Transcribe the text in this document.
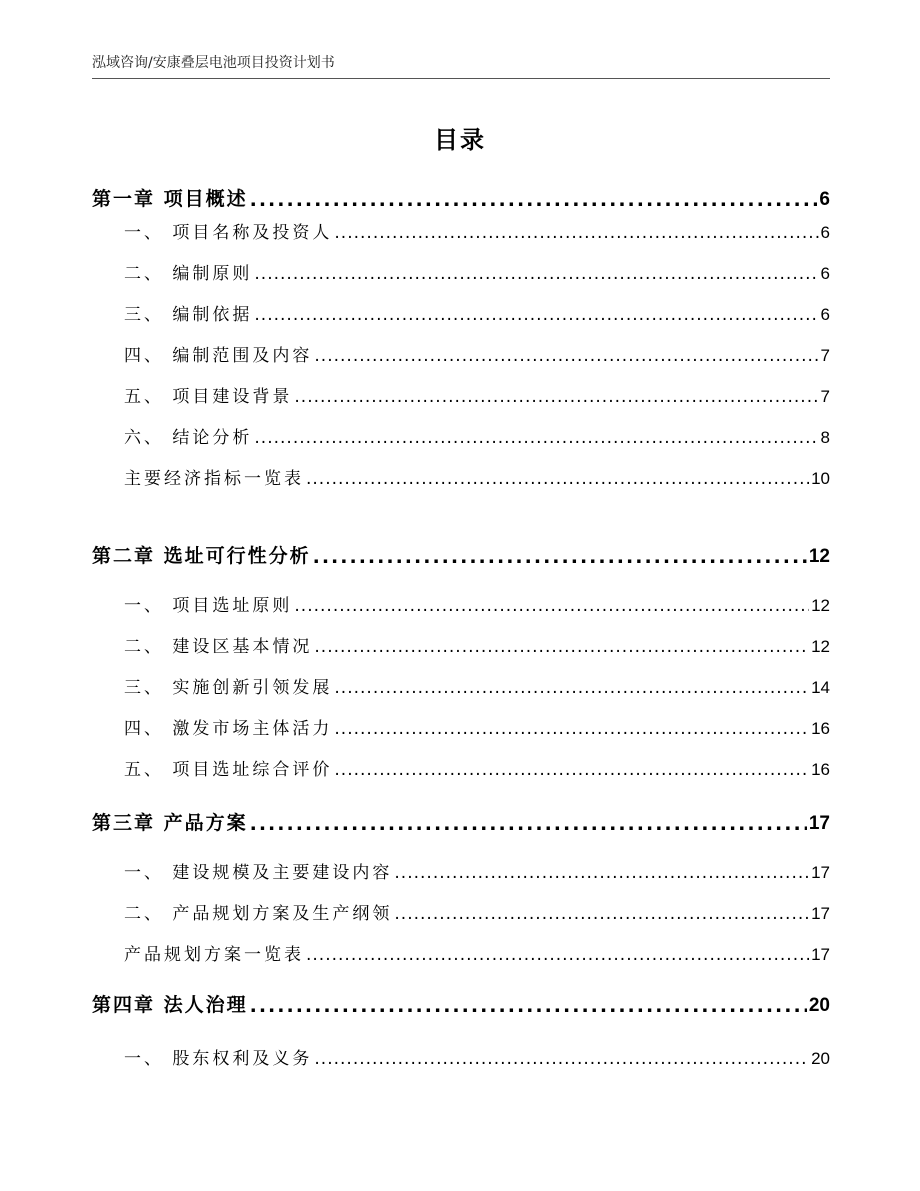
泓域咨询/安康叠层电池项目投资计划书
目录
第一章 项目概述 .....	6
一、 项目名称及投资人 .....	6
二、 编制原则 .....	6
三、 编制依据 .....	6
四、 编制范围及内容 .....	7
五、 项目建设背景 .....	7
六、 结论分析 .....	8
主要经济指标一览表 .....	10
第二章 选址可行性分析 .....	12
一、 项目选址原则 .....	12
二、 建设区基本情况 .....	12
三、 实施创新引领发展 .....	14
四、 激发市场主体活力 .....	16
五、 项目选址综合评价 .....	16
第三章 产品方案 .....	17
一、 建设规模及主要建设内容 .....	17
二、 产品规划方案及生产纲领 .....	17
产品规划方案一览表 .....	17
第四章 法人治理 .....	20
一、 股东权利及义务 .....	20
